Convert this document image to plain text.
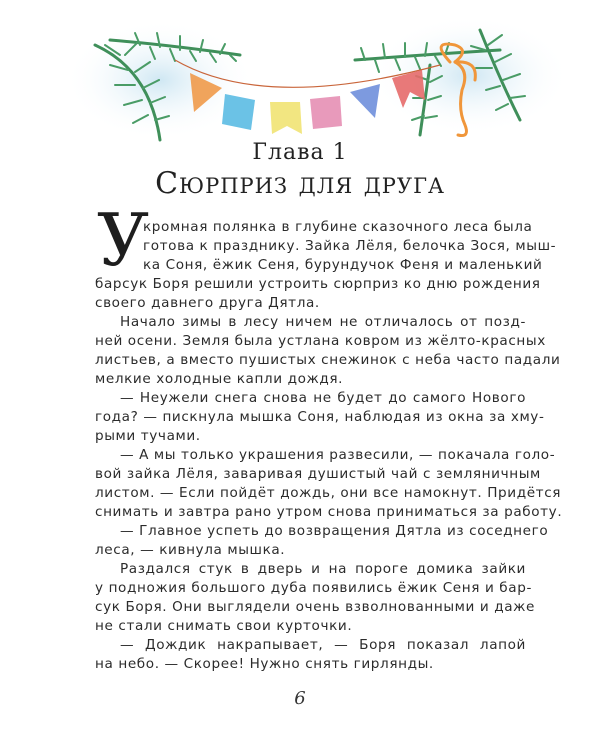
Глава 1
Сюрприз для друга
У
кромная полянка в глубине сказочного леса была
готова к празднику. Зайка Лёля, белочка Зося, мыш-
ка Соня, ёжик Сеня, бурундучок Феня и маленький
барсук Боря решили устроить сюрприз ко дню рождения
своего давнего друга Дятла.
Начало зимы в лесу ничем не отличалось от позд-
ней осени. Земля была устлана ковром из жёлто-красных
листьев, а вместо пушистых снежинок с неба часто падали
мелкие холодные капли дождя.
— Неужели снега снова не будет до самого Нового
года? — пискнула мышка Соня, наблюдая из окна за хму-
рыми тучами.
— А мы только украшения развесили, — покачала голо-
вой зайка Лёля, заваривая душистый чай с земляничным
листом. — Если пойдёт дождь, они все намокнут. Придётся
снимать и завтра рано утром снова приниматься за работу.
— Главное успеть до возвращения Дятла из соседнего
леса, — кивнула мышка.
Раздался стук в дверь и на пороге домика зайки
у подножия большого дуба появились ёжик Сеня и бар-
сук Боря. Они выглядели очень взволнованными и даже
не стали снимать свои курточки.
— Дождик накрапывает, — Боря показал лапой
на небо. — Скорее! Нужно снять гирлянды.
6
